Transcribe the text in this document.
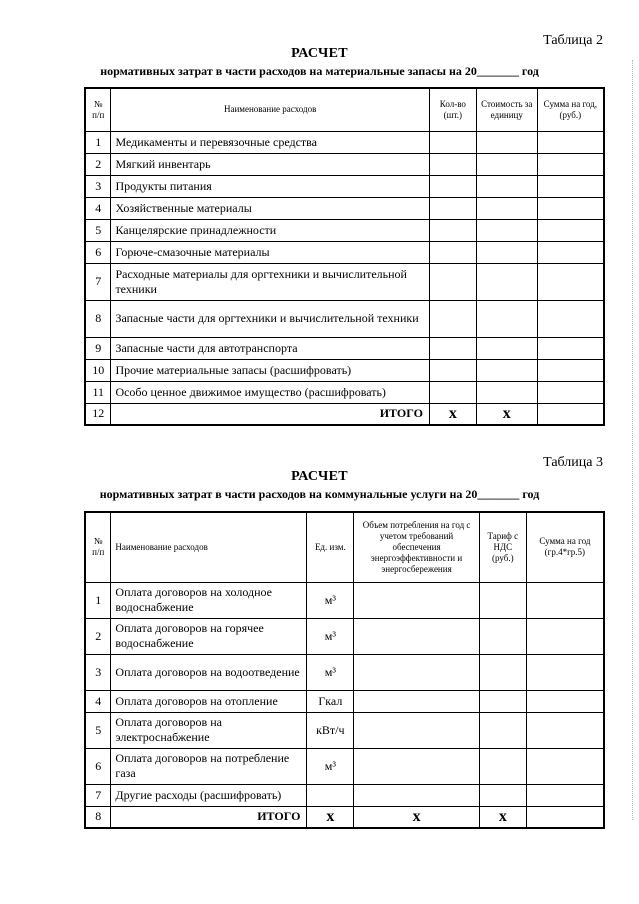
Таблица 2
РАСЧЕТ
нормативных затрат в части расходов на материальные запасы на 20_______ год
№ п/п	Наименование расходов	Кол-во (шт.)	Стоимость за единицу	Сумма на год, (руб.)
1	Медикаменты и перевязочные средства			
2	Мягкий инвентарь			
3	Продукты питания			
4	Хозяйственные материалы			
5	Канцелярские принадлежности			
6	Горюче-смазочные материалы			
7	Расходные материалы для оргтехники и вычислительной техники			
8	Запасные части для оргтехники и вычислительной техники			
9	Запасные части для автотранспорта			
10	Прочие материальные запасы (расшифровать)			
11	Особо ценное движимое имущество (расшифровать)			
12	ИТОГО	х	х	
Таблица 3
РАСЧЕТ
нормативных затрат в части расходов на коммунальные услуги на 20_______ год
№ п/п	Наименование расходов	Ед. изм.	Объем потребления на год с учетом требований обеспечения энергоэффективности и энергосбережения	Тариф с НДС (руб.)	Сумма на год (гр.4*гр.5)
1	Оплата договоров на холодное водоснабжение	м³			
2	Оплата договоров на горячее водоснабжение	м³			
3	Оплата договоров на водоотведение	м³			
4	Оплата договоров на отопление	Гкал			
5	Оплата договоров на электроснабжение	кВт/ч			
6	Оплата договоров на потребление газа	м³			
7	Другие расходы (расшифровать)				
8	ИТОГО	х	х	х	
